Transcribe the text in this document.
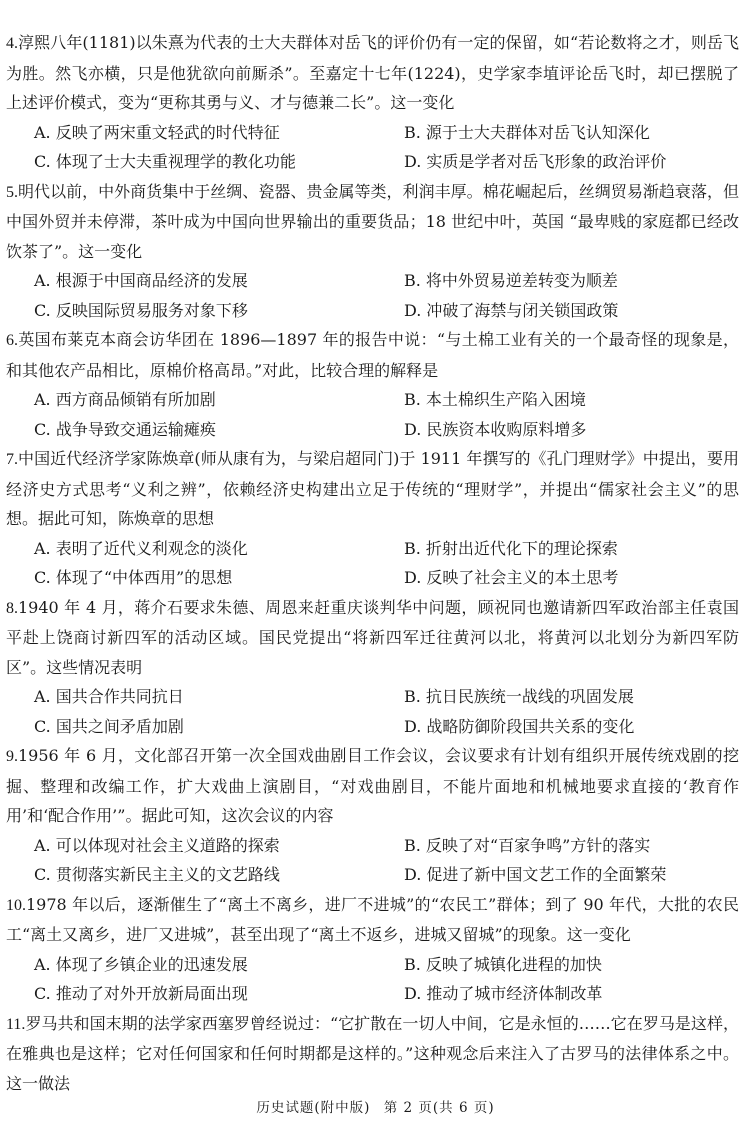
4.淳熙八年(1181)以朱熹为代表的士大夫群体对岳飞的评价仍有一定的保留，如“若论数将之才，则岳飞为胜。然飞亦横，只是他犹欲向前厮杀”。至嘉定十七年(1224)，史学家李埴评论岳飞时，却已摆脱了上述评价模式，变为“更称其勇与义、才与德兼二长”。这一变化

A. 反映了两宋重文轻武的时代特征	B. 源于士大夫群体对岳飞认知深化
C. 体现了士大夫重视理学的教化功能	D. 实质是学者对岳飞形象的政治评价

5.明代以前，中外商货集中于丝绸、瓷器、贵金属等类，利润丰厚。棉花崛起后，丝绸贸易渐趋衰落，但中国外贸并未停滞，茶叶成为中国向世界输出的重要货品；18 世纪中叶，英国 “最卑贱的家庭都已经改饮茶了”。这一变化

A. 根源于中国商品经济的发展	B. 将中外贸易逆差转变为顺差
C. 反映国际贸易服务对象下移	D. 冲破了海禁与闭关锁国政策

6.英国布莱克本商会访华团在 1896—1897 年的报告中说：“与土棉工业有关的一个最奇怪的现象是，和其他农产品相比，原棉价格高昂。”对此，比较合理的解释是

A. 西方商品倾销有所加剧	B. 本土棉织生产陷入困境
C. 战争导致交通运输瘫痪	D. 民族资本收购原料增多

7.中国近代经济学家陈焕章(师从康有为，与梁启超同门)于 1911 年撰写的《孔门理财学》中提出，要用经济史方式思考“义利之辨”，依赖经济史构建出立足于传统的“理财学”，并提出“儒家社会主义”的思想。据此可知，陈焕章的思想

A. 表明了近代义利观念的淡化	B. 折射出近代化下的理论探索
C. 体现了“中体西用”的思想	D. 反映了社会主义的本土思考

8.1940 年 4 月，蒋介石要求朱德、周恩来赶重庆谈判华中问题，顾祝同也邀请新四军政治部主任袁国平赴上饶商讨新四军的活动区域。国民党提出“将新四军迁往黄河以北，将黄河以北划分为新四军防区”。这些情况表明

A. 国共合作共同抗日	B. 抗日民族统一战线的巩固发展
C. 国共之间矛盾加剧	D. 战略防御阶段国共关系的变化

9.1956 年 6 月，文化部召开第一次全国戏曲剧目工作会议，会议要求有计划有组织开展传统戏剧的挖掘、整理和改编工作，扩大戏曲上演剧目，“对戏曲剧目，不能片面地和机械地要求直接的‘教育作用’和‘配合作用’”。据此可知，这次会议的内容

A. 可以体现对社会主义道路的探索	B. 反映了对“百家争鸣”方针的落实
C. 贯彻落实新民主主义的文艺路线	D. 促进了新中国文艺工作的全面繁荣

10.1978 年以后，逐渐催生了“离土不离乡，进厂不进城”的“农民工”群体；到了 90 年代，大批的农民工“离土又离乡，进厂又进城”，甚至出现了“离土不返乡，进城又留城”的现象。这一变化

A. 体现了乡镇企业的迅速发展	B. 反映了城镇化进程的加快
C. 推动了对外开放新局面出现	D. 推动了城市经济体制改革

11.罗马共和国末期的法学家西塞罗曾经说过：“它扩散在一切人中间，它是永恒的……它在罗马是这样，在雅典也是这样；它对任何国家和任何时期都是这样的。”这种观念后来注入了古罗马的法律体系之中。这一做法

历史试题(附中版) 第 2 页(共 6 页)
